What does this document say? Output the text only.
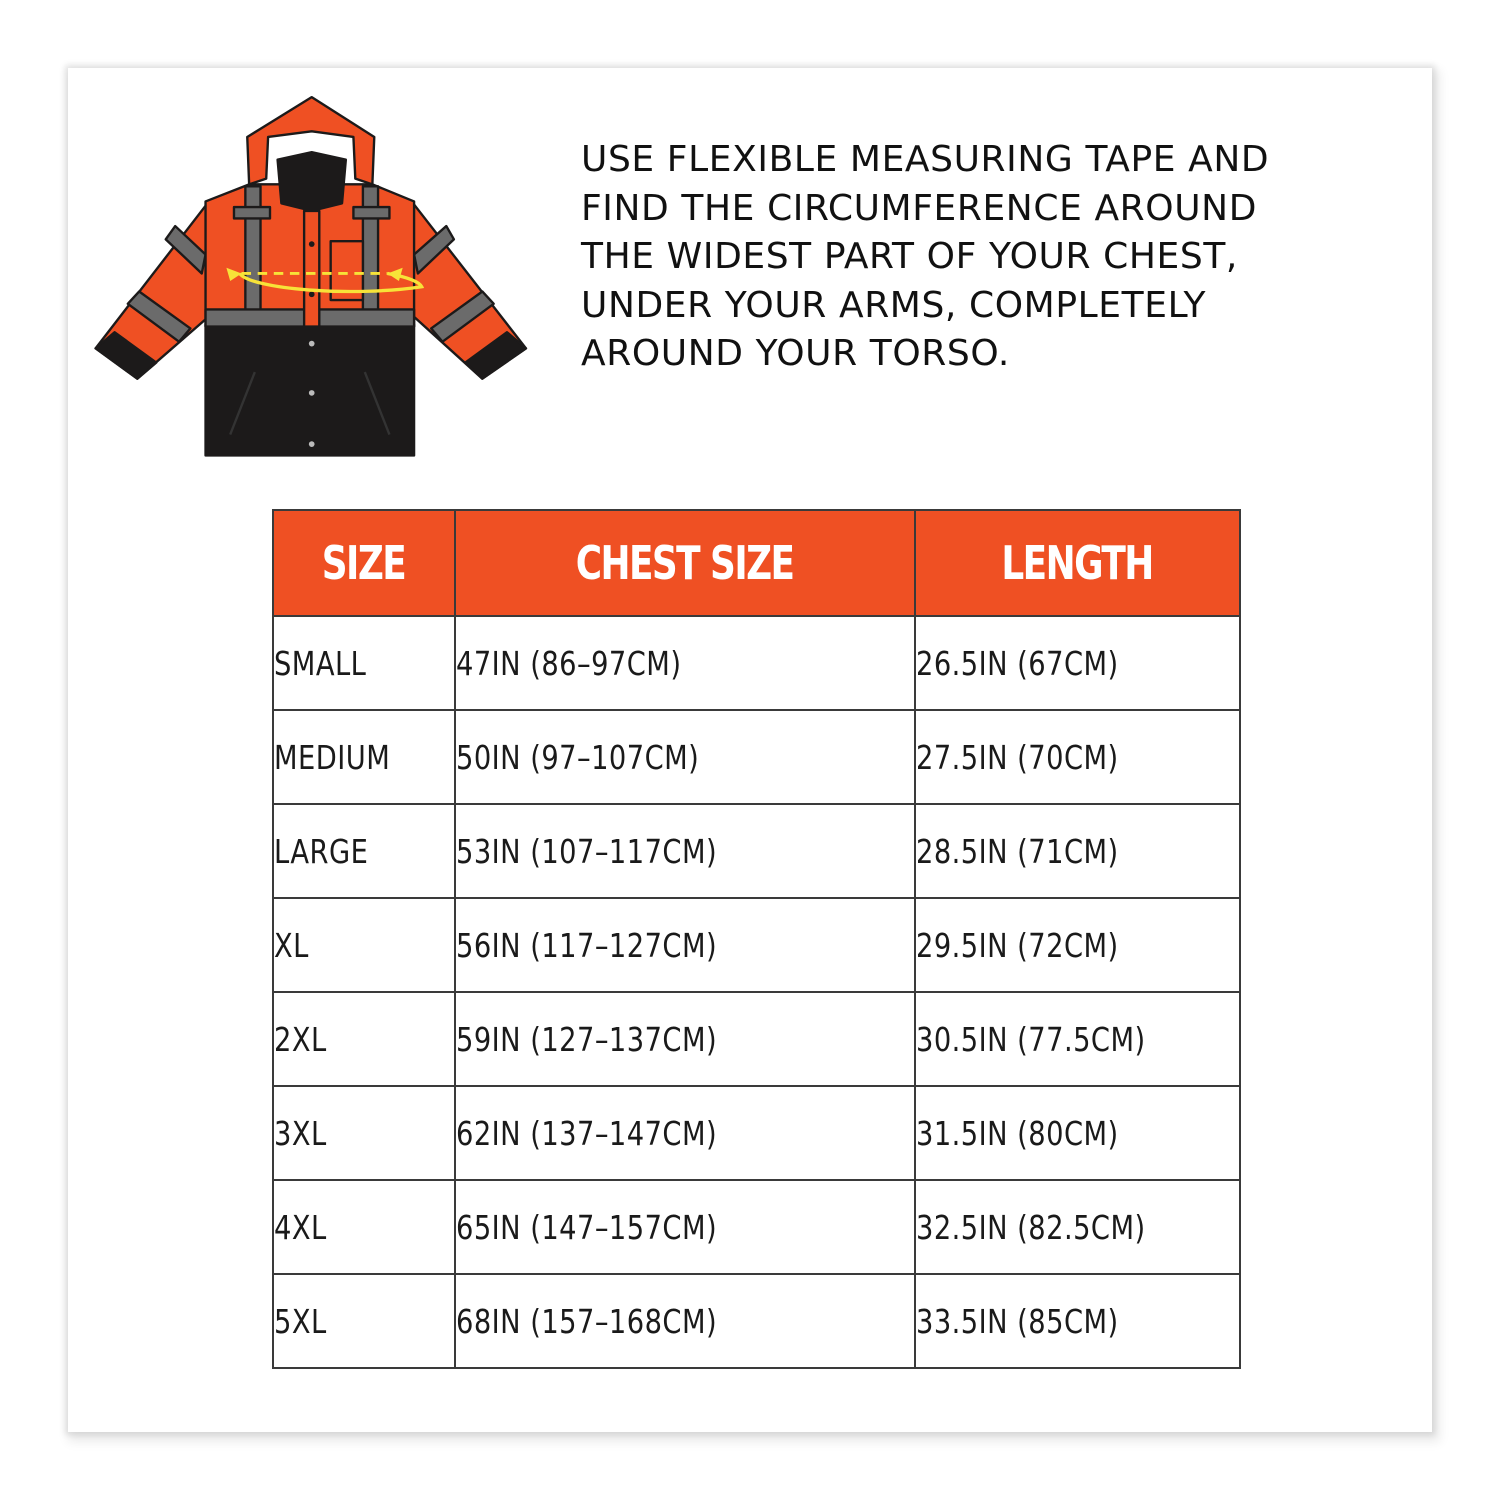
USE FLEXIBLE MEASURING TAPE AND
FIND THE CIRCUMFERENCE AROUND
THE WIDEST PART OF YOUR CHEST,
UNDER YOUR ARMS, COMPLETELY
AROUND YOUR TORSO.
SIZE	CHEST SIZE	LENGTH
SMALL	47IN (86–97CM)	26.5IN (67CM)
MEDIUM	50IN (97–107CM)	27.5IN (70CM)
LARGE	53IN (107–117CM)	28.5IN (71CM)
XL	56IN (117–127CM)	29.5IN (72CM)
2XL	59IN (127–137CM)	30.5IN (77.5CM)
3XL	62IN (137–147CM)	31.5IN (80CM)
4XL	65IN (147–157CM)	32.5IN (82.5CM)
5XL	68IN (157–168CM)	33.5IN (85CM)
